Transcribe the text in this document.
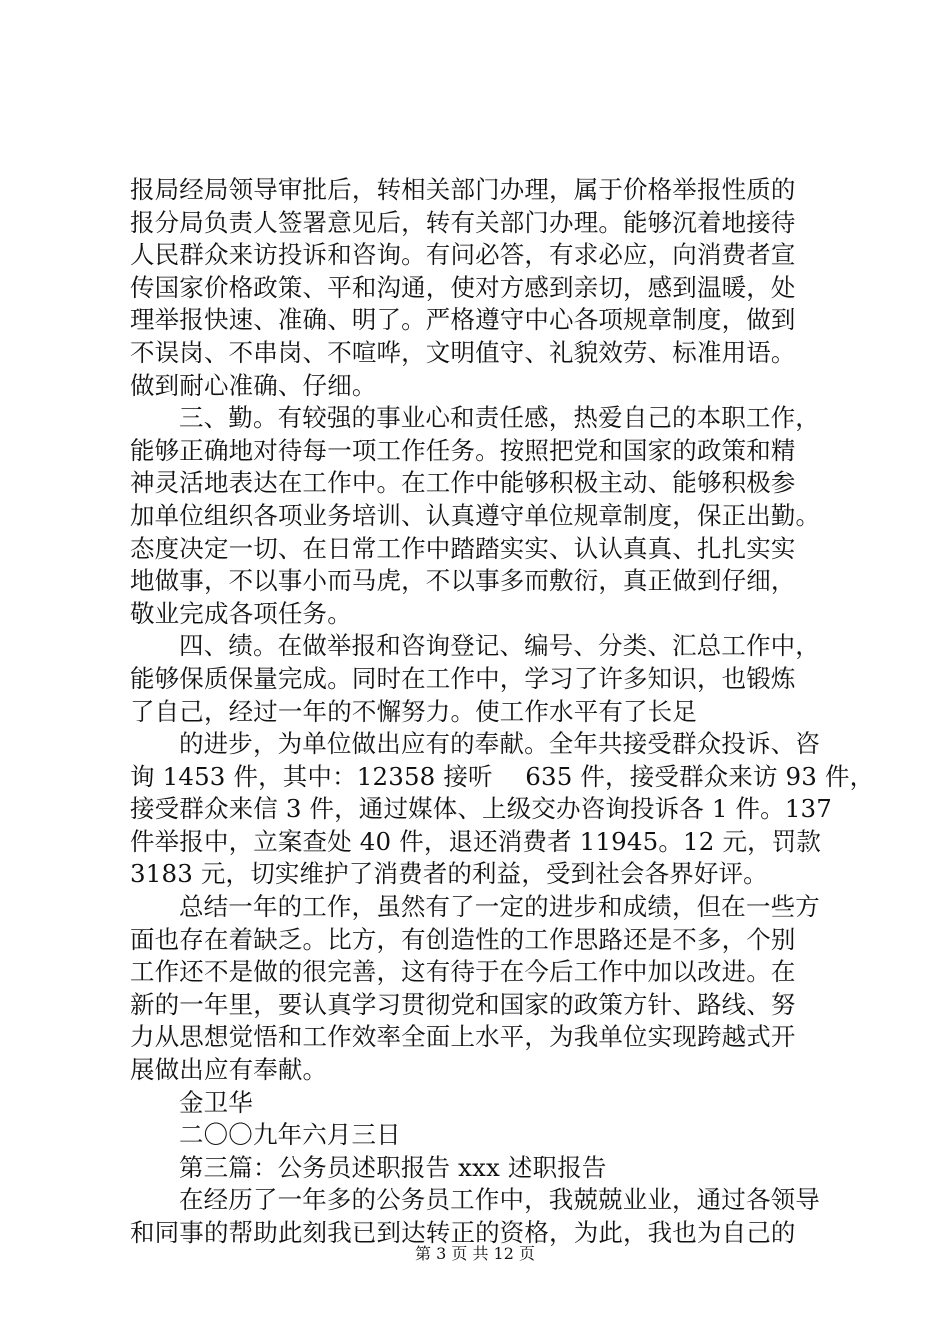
报局经局领导审批后，转相关部门办理，属于价格举报性质的
报分局负责人签署意见后，转有关部门办理。能够沉着地接待
人民群众来访投诉和咨询。有问必答，有求必应，向消费者宣
传国家价格政策、平和沟通，使对方感到亲切，感到温暖，处
理举报快速、准确、明了。严格遵守中心各项规章制度，做到
不误岗、不串岗、不喧哗，文明值守、礼貌效劳、标准用语。
做到耐心准确、仔细。
三、勤。有较强的事业心和责任感，热爱自己的本职工作，
能够正确地对待每一项工作任务。按照把党和国家的政策和精
神灵活地表达在工作中。在工作中能够积极主动、能够积极参
加单位组织各项业务培训、认真遵守单位规章制度，保正出勤。
态度决定一切、在日常工作中踏踏实实、认认真真、扎扎实实
地做事，不以事小而马虎，不以事多而敷衍，真正做到仔细，
敬业完成各项任务。
四、绩。在做举报和咨询登记、编号、分类、汇总工作中，
能够保质保量完成。同时在工作中，学习了许多知识，也锻炼
了自己，经过一年的不懈努力。使工作水平有了长足
的进步，为单位做出应有的奉献。全年共接受群众投诉、咨
询 1453 件，其中：12358 接听　 635 件，接受群众来访 93 件，
接受群众来信 3 件，通过媒体、上级交办咨询投诉各 1 件。137
件举报中，立案查处 40 件，退还消费者 11945。12 元，罚款
3183 元，切实维护了消费者的利益，受到社会各界好评。
总结一年的工作，虽然有了一定的进步和成绩，但在一些方
面也存在着缺乏。比方，有创造性的工作思路还是不多，个别
工作还不是做的很完善，这有待于在今后工作中加以改进。在
新的一年里，要认真学习贯彻党和国家的政策方针、路线、努
力从思想觉悟和工作效率全面上水平，为我单位实现跨越式开
展做出应有奉献。
金卫华
二〇〇九年六月三日
第三篇：公务员述职报告 xxx 述职报告
在经历了一年多的公务员工作中，我兢兢业业，通过各领导
和同事的帮助此刻我已到达转正的资格，为此，我也为自己的
第 3 页 共 12 页
